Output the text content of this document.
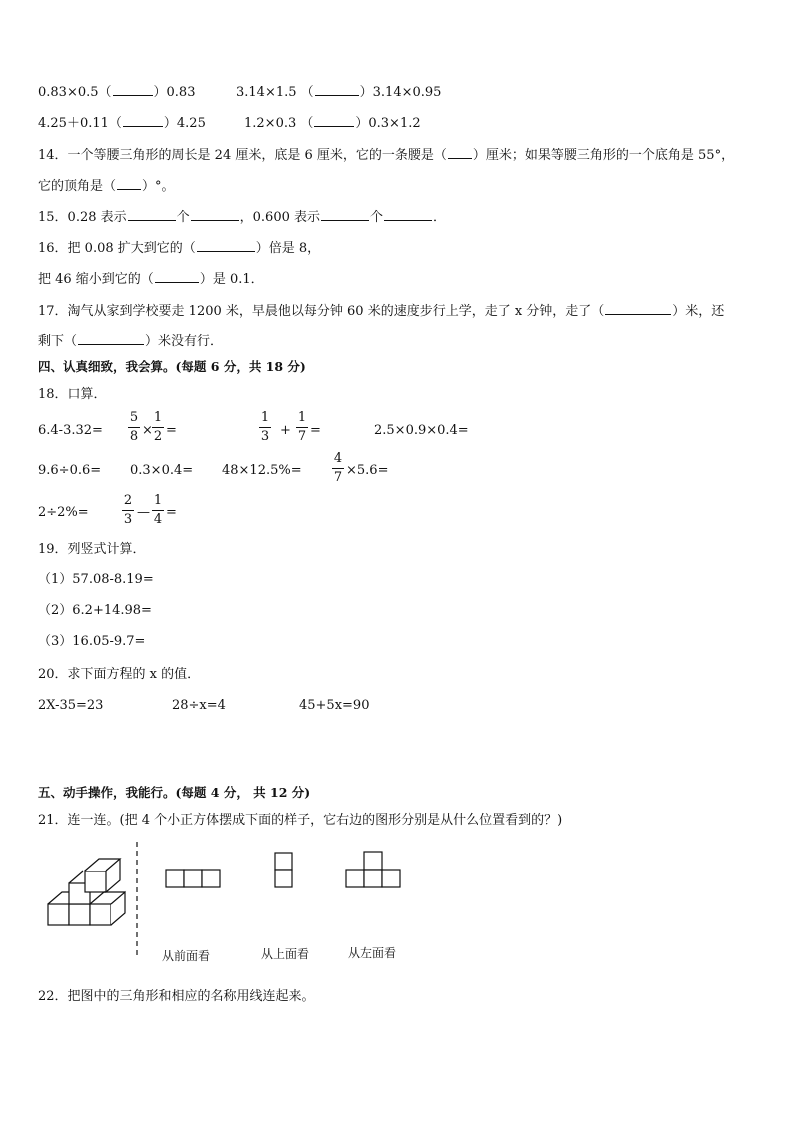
0.83×0.5（	）0.83	3.14×1.5 （	）3.14×0.95
4.25＋0.11（	）4.25	1.2×0.3 （	）0.3×1.2
14．一个等腰三角形的周长是 24 厘米，底是 6 厘米，它的一条腰是（ ）厘米；如果等腰三角形的一个底角是 55°，
它的顶角是（ ）°。
15．0.28 表示	个	，0.600 表示	个	．
16．把 0.08 扩大到它的（	）倍是 8，
把 46 缩小到它的（	）是 0.1．
17．淘气从家到学校要走 1200 米，早晨他以每分钟 60 米的速度步行上学，走了 x 分钟，走了（	）米，还
剩下（	）米没有行．
四、认真细致，我会算。(每题 6 分，共 18 分)
18．口算．
6.4-3.32=
5
8 ×
1
2 =
1
3 +
1
7 =	2.5×0.9×0.4=
9.6÷0.6= 0.3×0.4= 48×12.5%=
4
7 ×5.6=
2÷2%=
2
3 —
1
4 =
19．列竖式计算．
（1）57.08-8.19=
（2）6.2+14.98=
（3）16.05-9.7=
20．求下面方程的 x 的值．
2X-35=23	28÷x=4	45+5x=90
五、动手操作，我能行。(每题 4 分， 共 12 分)
21．连一连。(把 4 个小正方体摆成下面的样子，它右边的图形分别是从什么位置看到的？)
从前面看	从上面看	从左面看
22．把图中的三角形和相应的名称用线连起来。
